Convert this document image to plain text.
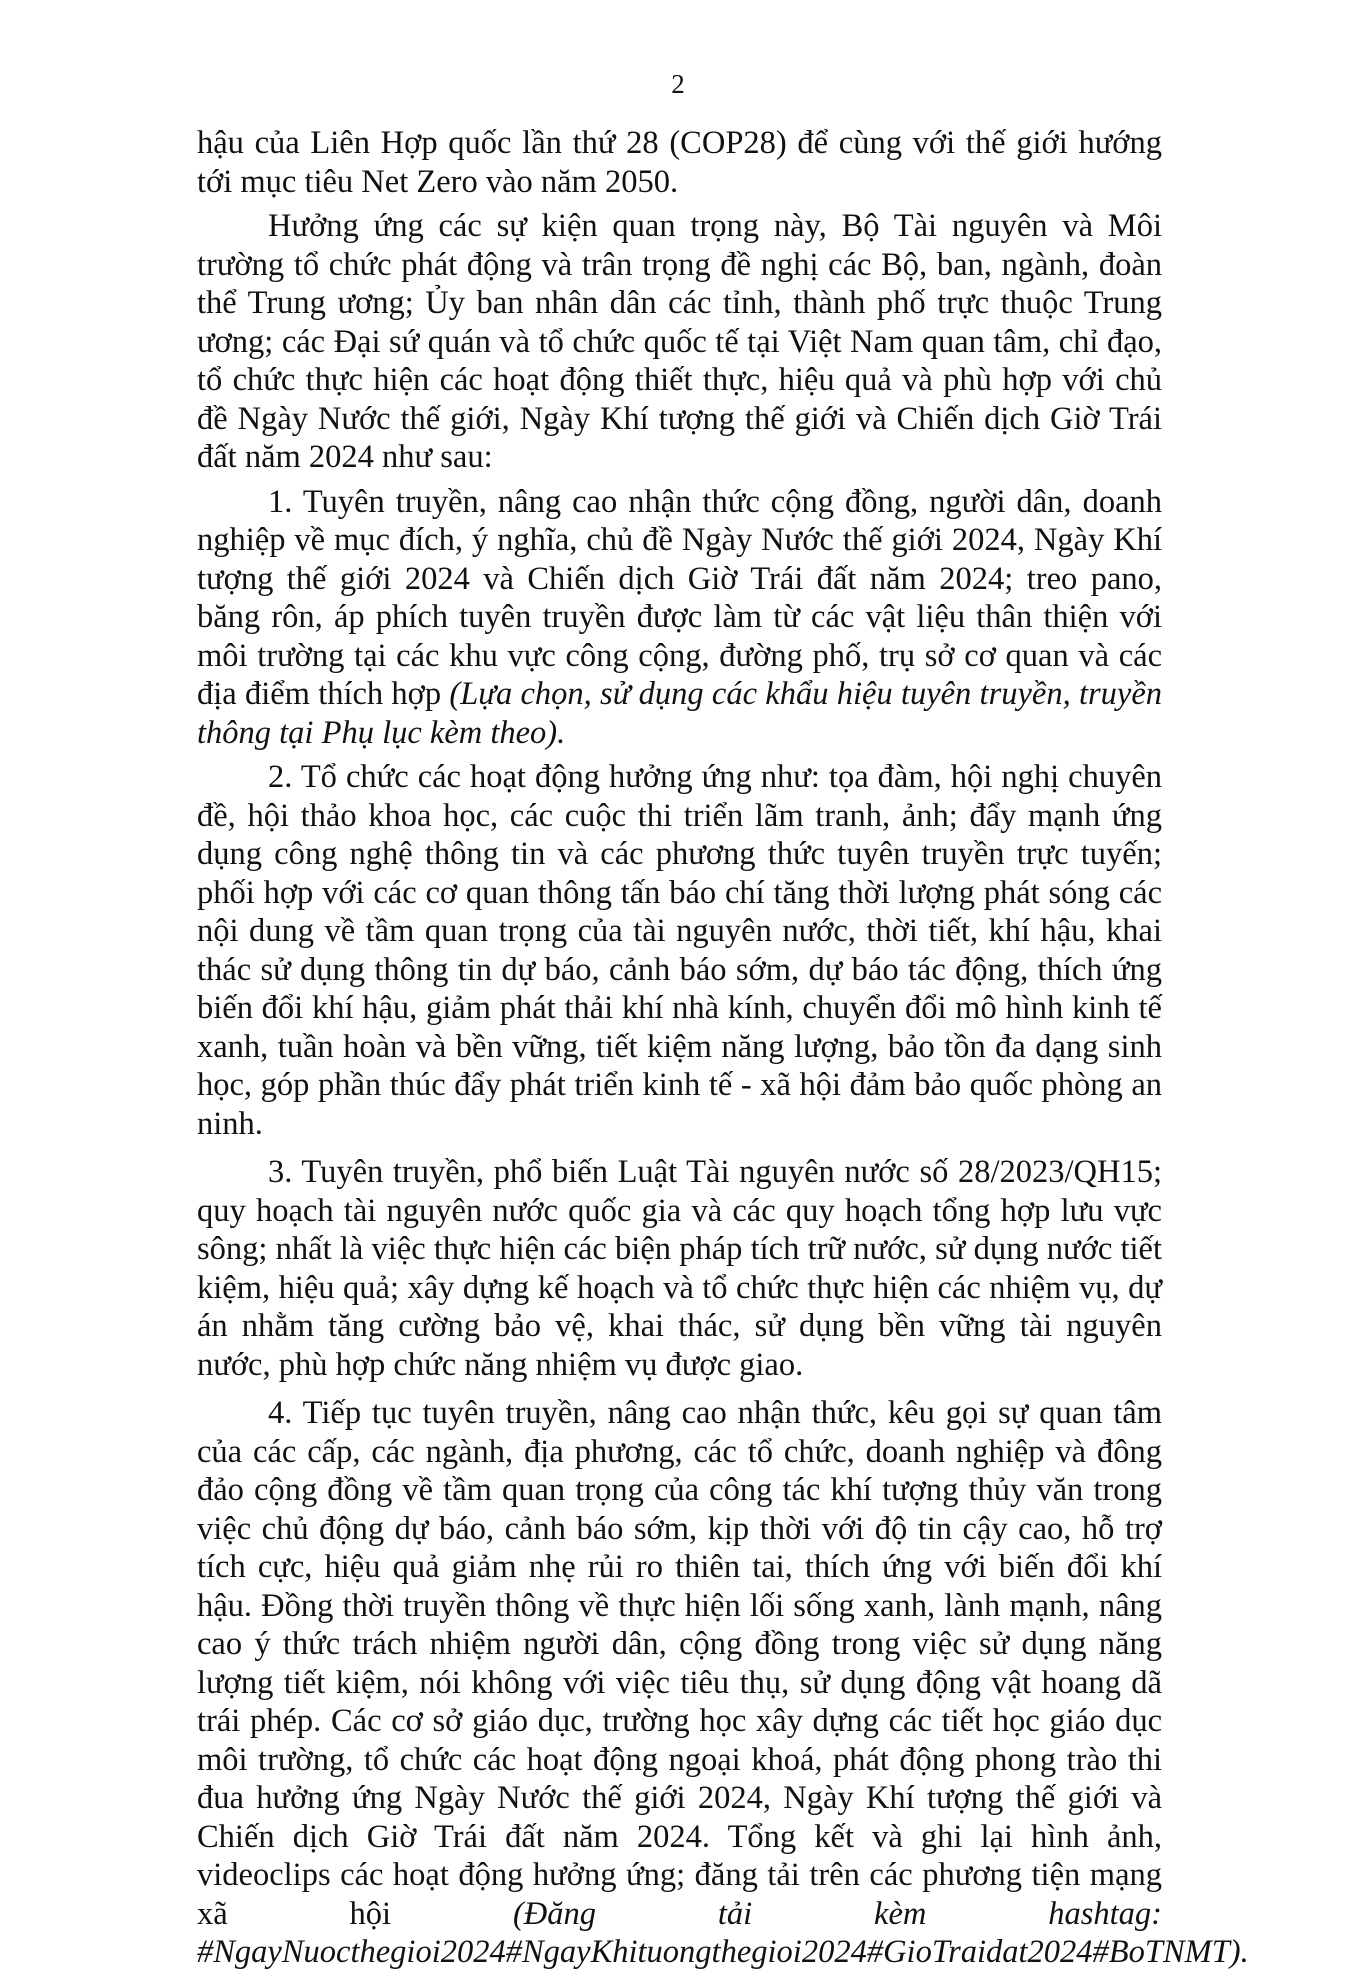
2

hậu của Liên Hợp quốc lần thứ 28 (COP28) để cùng với thế giới hướng tới mục tiêu Net Zero vào năm 2050.

Hưởng ứng các sự kiện quan trọng này, Bộ Tài nguyên và Môi trường tổ chức phát động và trân trọng đề nghị các Bộ, ban, ngành, đoàn thể Trung ương; Ủy ban nhân dân các tỉnh, thành phố trực thuộc Trung ương; các Đại sứ quán và tổ chức quốc tế tại Việt Nam quan tâm, chỉ đạo, tổ chức thực hiện các hoạt động thiết thực, hiệu quả và phù hợp với chủ đề Ngày Nước thế giới, Ngày Khí tượng thế giới và Chiến dịch Giờ Trái đất năm 2024 như sau:

1. Tuyên truyền, nâng cao nhận thức cộng đồng, người dân, doanh nghiệp về mục đích, ý nghĩa, chủ đề Ngày Nước thế giới 2024, Ngày Khí tượng thế giới 2024 và Chiến dịch Giờ Trái đất năm 2024; treo pano, băng rôn, áp phích tuyên truyền được làm từ các vật liệu thân thiện với môi trường tại các khu vực công cộng, đường phố, trụ sở cơ quan và các địa điểm thích hợp (Lựa chọn, sử dụng các khẩu hiệu tuyên truyền, truyền thông tại Phụ lục kèm theo).

2. Tổ chức các hoạt động hưởng ứng như: tọa đàm, hội nghị chuyên đề, hội thảo khoa học, các cuộc thi triển lãm tranh, ảnh; đẩy mạnh ứng dụng công nghệ thông tin và các phương thức tuyên truyền trực tuyến; phối hợp với các cơ quan thông tấn báo chí tăng thời lượng phát sóng các nội dung về tầm quan trọng của tài nguyên nước, thời tiết, khí hậu, khai thác sử dụng thông tin dự báo, cảnh báo sớm, dự báo tác động, thích ứng biến đổi khí hậu, giảm phát thải khí nhà kính, chuyển đổi mô hình kinh tế xanh, tuần hoàn và bền vững, tiết kiệm năng lượng, bảo tồn đa dạng sinh học, góp phần thúc đẩy phát triển kinh tế - xã hội đảm bảo quốc phòng an ninh.

3. Tuyên truyền, phổ biến Luật Tài nguyên nước số 28/2023/QH15; quy hoạch tài nguyên nước quốc gia và các quy hoạch tổng hợp lưu vực sông; nhất là việc thực hiện các biện pháp tích trữ nước, sử dụng nước tiết kiệm, hiệu quả; xây dựng kế hoạch và tổ chức thực hiện các nhiệm vụ, dự án nhằm tăng cường bảo vệ, khai thác, sử dụng bền vững tài nguyên nước, phù hợp chức năng nhiệm vụ được giao.

4. Tiếp tục tuyên truyền, nâng cao nhận thức, kêu gọi sự quan tâm của các cấp, các ngành, địa phương, các tổ chức, doanh nghiệp và đông đảo cộng đồng về tầm quan trọng của công tác khí tượng thủy văn trong việc chủ động dự báo, cảnh báo sớm, kịp thời với độ tin cậy cao, hỗ trợ tích cực, hiệu quả giảm nhẹ rủi ro thiên tai, thích ứng với biến đổi khí hậu. Đồng thời truyền thông về thực hiện lối sống xanh, lành mạnh, nâng cao ý thức trách nhiệm người dân, cộng đồng trong việc sử dụng năng lượng tiết kiệm, nói không với việc tiêu thụ, sử dụng động vật hoang dã trái phép. Các cơ sở giáo dục, trường học xây dựng các tiết học giáo dục môi trường, tổ chức các hoạt động ngoại khoá, phát động phong trào thi đua hưởng ứng Ngày Nước thế giới 2024, Ngày Khí tượng thế giới và Chiến dịch Giờ Trái đất năm 2024. Tổng kết và ghi lại hình ảnh, videoclips các hoạt động hưởng ứng; đăng tải trên các phương tiện mạng xã hội (Đăng tải kèm hashtag: #NgayNuocthegioi2024#NgayKhituongthegioi2024#GioTraidat2024#BoTNMT).
